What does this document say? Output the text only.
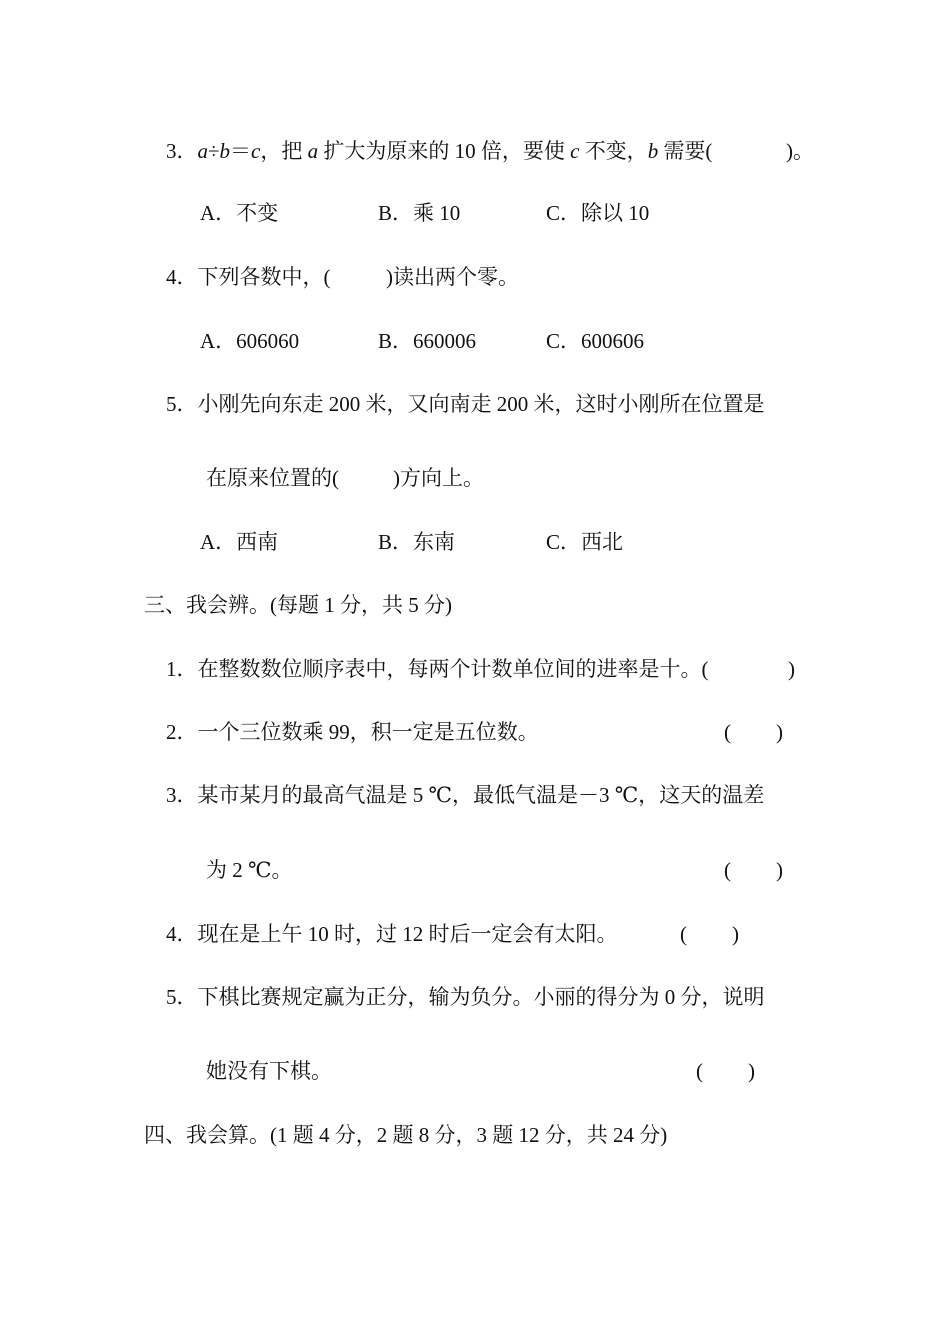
3．a÷b＝c，把 a 扩大为原来的 10 倍，要使 c 不变，b 需要(	)。
A．不变	B．乘 10	C．除以 10
4．下列各数中，(	)读出两个零。
A．606060	B．660006	C．600606
5．小刚先向东走 200 米，又向南走 200 米，这时小刚所在位置是
在原来位置的(	)方向上。
A．西南	B．东南	C．西北
三、我会辨。(每题 1 分，共 5 分)
1．在整数数位顺序表中，每两个计数单位间的进率是十。(	)
2．一个三位数乘 99，积一定是五位数。	( )
3．某市某月的最高气温是 5 ℃，最低气温是－3 ℃，这天的温差
为 2 ℃。	( )
4．现在是上午 10 时，过 12 时后一定会有太阳。	( )
5．下棋比赛规定赢为正分，输为负分。小丽的得分为 0 分，说明
她没有下棋。	( )
四、我会算。(1 题 4 分，2 题 8 分，3 题 12 分，共 24 分)
